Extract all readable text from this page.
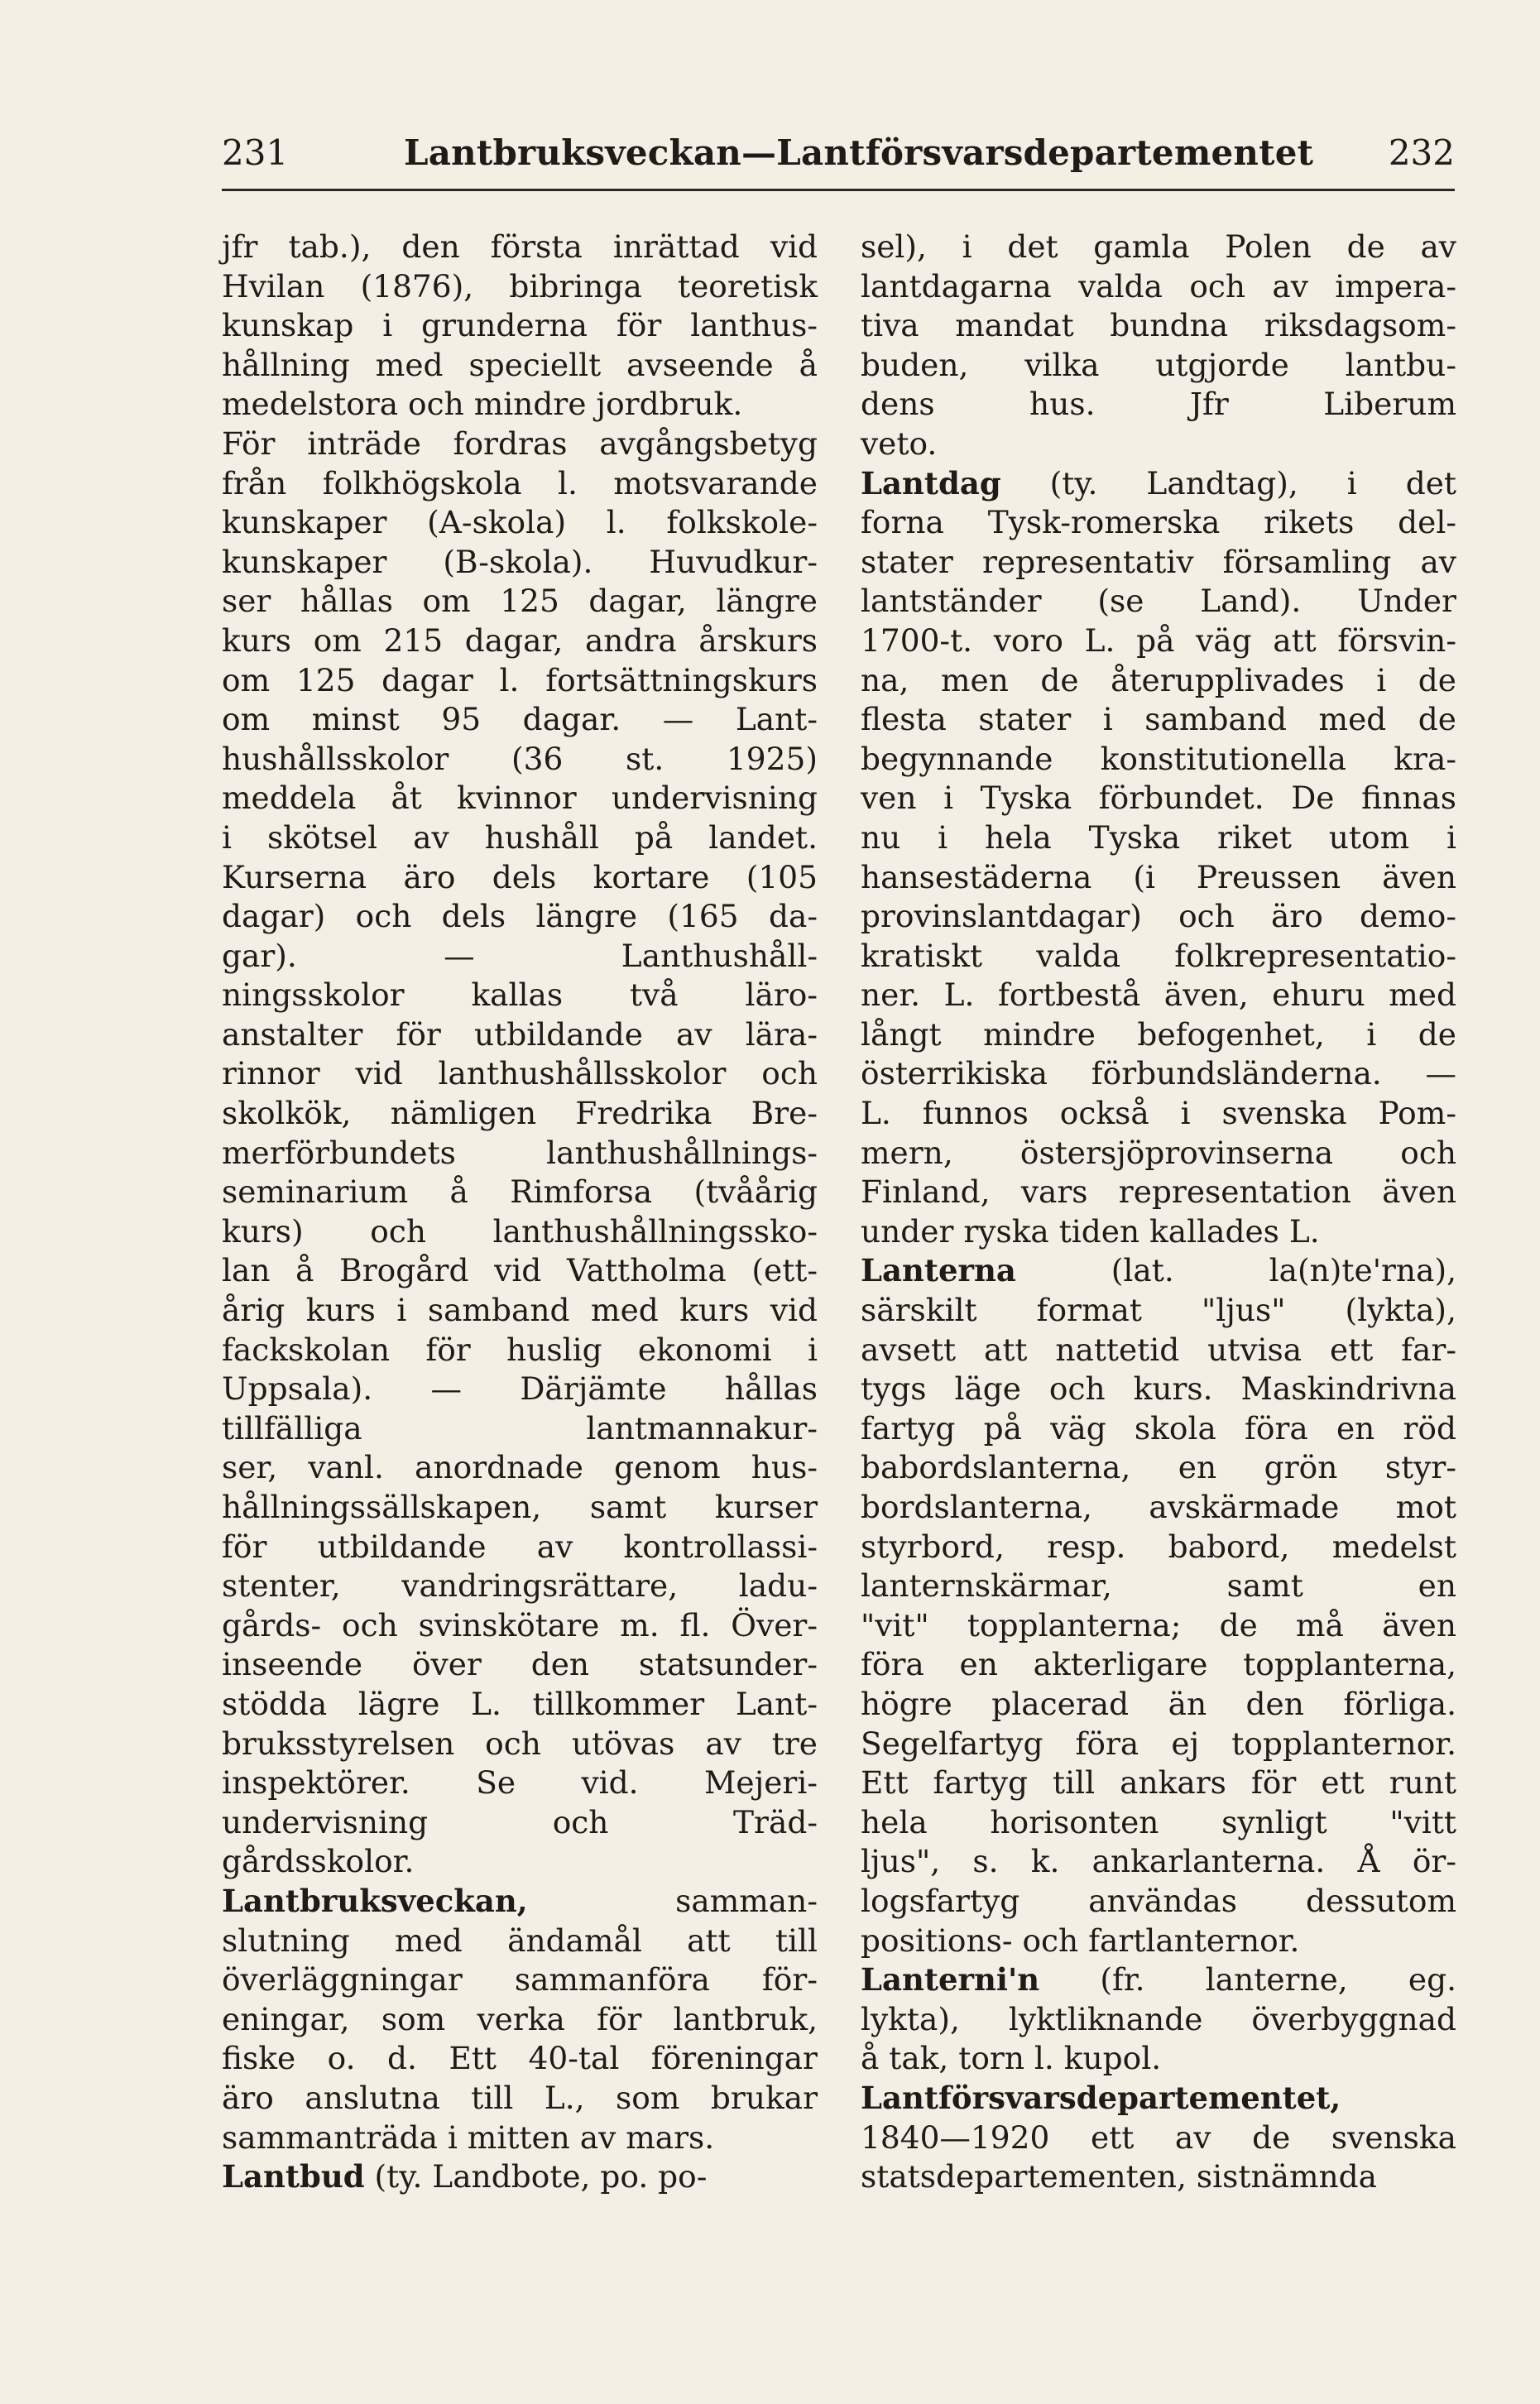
231	Lantbruksveckan—Lantförsvarsdepartementet 232
jfr tab.), den första inrättad vid
Hvilan (1876), bibringa teoretisk
kunskap i grunderna för lanthus-
hållning med speciellt avseende å
medelstora och mindre jordbruk.
För inträde fordras avgångsbetyg
från folkhögskola l. motsvarande
kunskaper (A-skola) l. folkskole-
kunskaper (B-skola). Huvudkur-
ser hållas om 125 dagar, längre
kurs om 215 dagar, andra årskurs
om 125 dagar l. fortsättningskurs
om minst 95 dagar. — Lant-
hushållsskolor (36 st. 1925)
meddela åt kvinnor undervisning
i skötsel av hushåll på landet.
Kurserna äro dels kortare (105
dagar) och dels längre (165 da-
gar). — Lanthushåll-
ningsskolor kallas två läro-
anstalter för utbildande av lära-
rinnor vid lanthushållsskolor och
skolkök, nämligen Fredrika Bre-
merförbundets lanthushållnings-
seminarium å Rimforsa (tvåårig
kurs) och lanthushållningssko-
lan å Brogård vid Vattholma (ett-
årig kurs i samband med kurs vid
fackskolan för huslig ekonomi i
Uppsala). — Därjämte hållas
tillfälliga lantmannakur-
ser, vanl. anordnade genom hus-
hållningssällskapen, samt kurser
för utbildande av kontrollassi-
stenter, vandringsrättare, ladu-
gårds- och svinskötare m. fl. Över-
inseende över den statsunder-
stödda lägre L. tillkommer Lant-
bruksstyrelsen och utövas av tre
inspektörer. Se vid. Mejeri-
undervisning och Träd-
gårdsskolor.
Lantbruksveckan, samman-
slutning med ändamål att till
överläggningar sammanföra för-
eningar, som verka för lantbruk,
fiske o. d. Ett 40-tal föreningar
äro anslutna till L., som brukar
sammanträda i mitten av mars.
Lantbud (ty. Landbote, po. po-
sel), i det gamla Polen de av
lantdagarna valda och av impera-
tiva mandat bundna riksdagsom-
buden, vilka utgjorde lantbu-
dens hus. Jfr Liberum
veto.
Lantdag (ty. Landtag), i det
forna Tysk-romerska rikets del-
stater representativ församling av
lantständer (se Land). Under
1700-t. voro L. på väg att försvin-
na, men de återupplivades i de
flesta stater i samband med de
begynnande konstitutionella kra-
ven i Tyska förbundet. De finnas
nu i hela Tyska riket utom i
hansestäderna (i Preussen även
provinslantdagar) och äro demo-
kratiskt valda folkrepresentatio-
ner. L. fortbestå även, ehuru med
långt mindre befogenhet, i de
österrikiska förbundsländerna. —
L. funnos också i svenska Pom-
mern, östersjöprovinserna och
Finland, vars representation även
under ryska tiden kallades L.
Lanterna (lat. la(n)te'rna),
särskilt format "ljus" (lykta),
avsett att nattetid utvisa ett far-
tygs läge och kurs. Maskindrivna
fartyg på väg skola föra en röd
babordslanterna, en grön styr-
bordslanterna, avskärmade mot
styrbord, resp. babord, medelst
lanternskärmar, samt en
"vit" topplanterna; de må även
föra en akterligare topplanterna,
högre placerad än den förliga.
Segelfartyg föra ej topplanternor.
Ett fartyg till ankars för ett runt
hela horisonten synligt "vitt
ljus", s. k. ankarlanterna. Å ör-
logsfartyg användas dessutom
positions- och fartlanternor.
Lanterni'n (fr. lanterne, eg.
lykta), lyktliknande överbyggnad
å tak, torn l. kupol.
Lantförsvarsdepartementet,
1840—1920 ett av de svenska
statsdepartementen, sistnämnda
